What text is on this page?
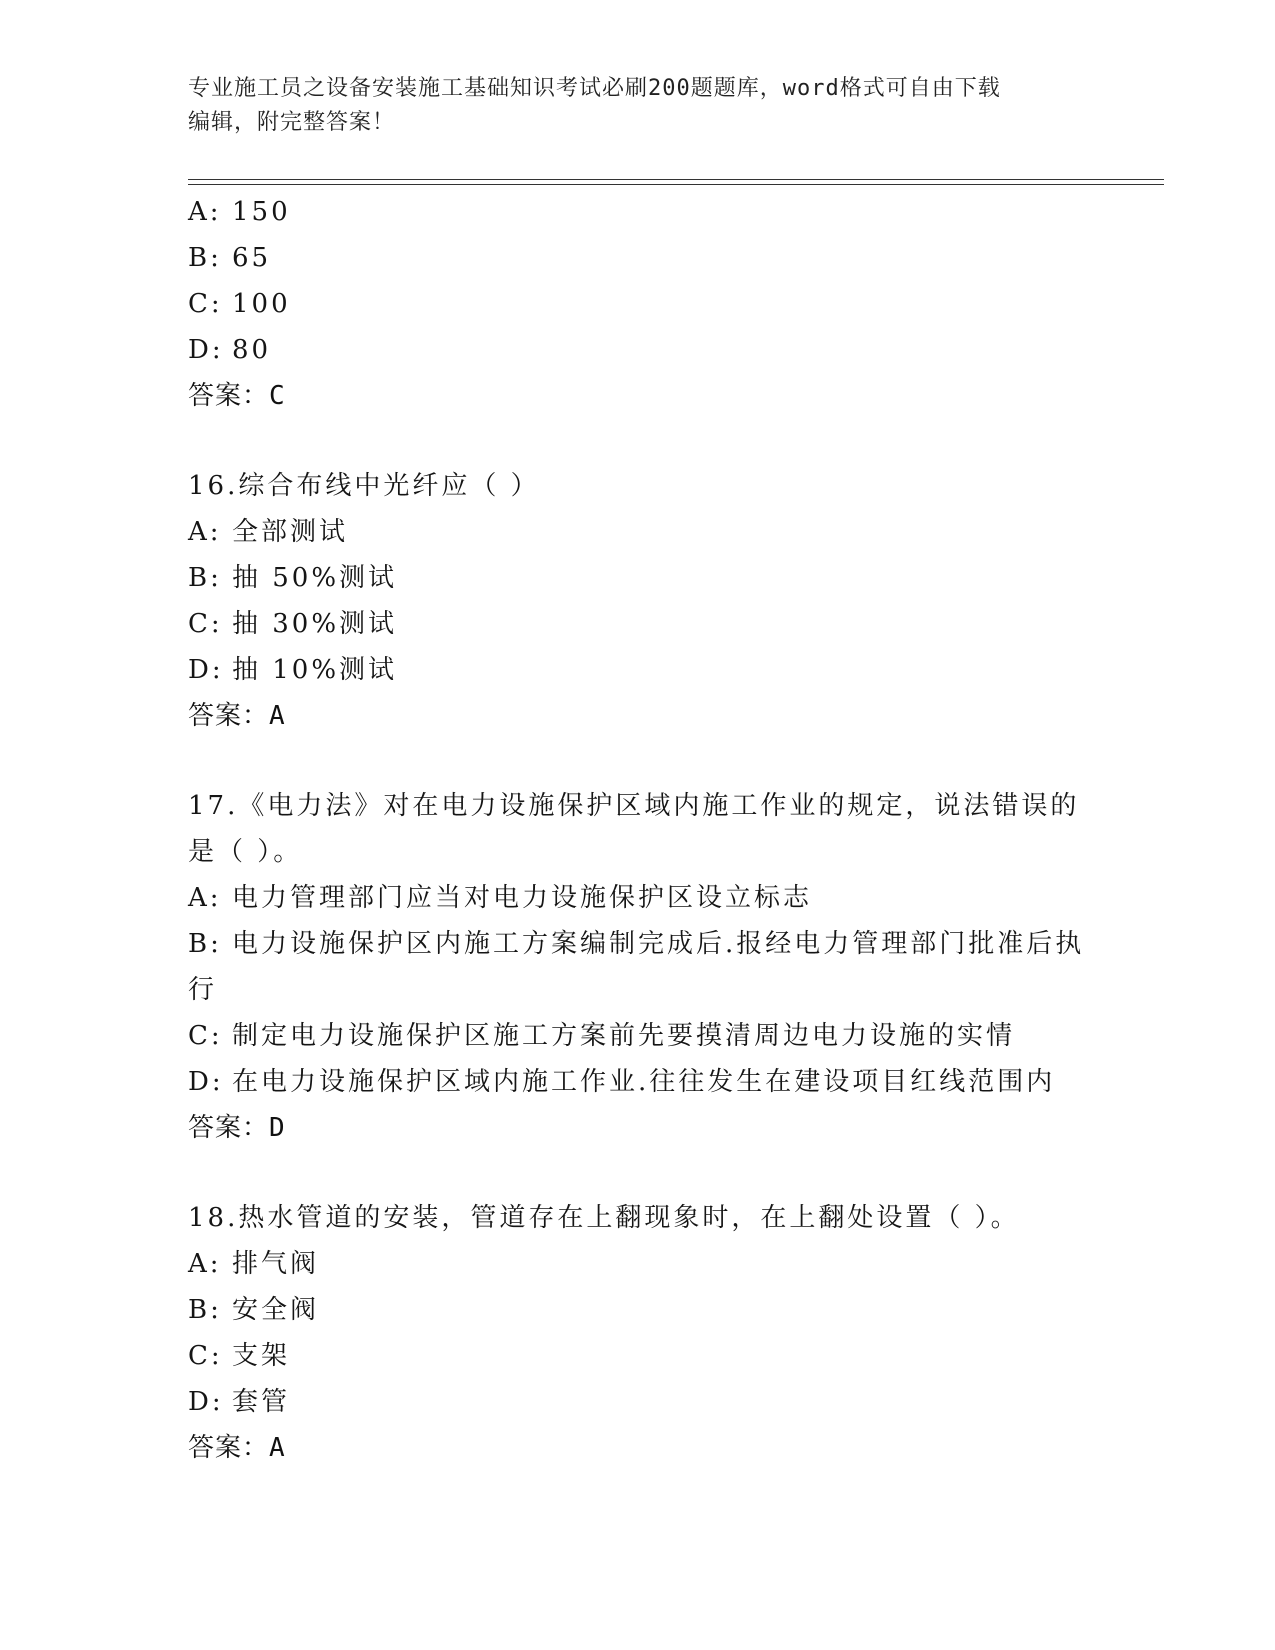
专业施工员之设备安装施工基础知识考试必刷200题题库，word格式可自由下载
编辑，附完整答案！
A: 150
B: 65
C: 100
D: 80
答案：C
16.综合布线中光纤应（ ）
A: 全部测试
B: 抽 50%测试
C: 抽 30%测试
D: 抽 10%测试
答案：A
17.《电力法》对在电力设施保护区域内施工作业的规定，说法错误的是（ ）。
A: 电力管理部门应当对电力设施保护区设立标志
B: 电力设施保护区内施工方案编制完成后.报经电力管理部门批准后执行
C: 制定电力设施保护区施工方案前先要摸清周边电力设施的实情
D: 在电力设施保护区域内施工作业.往往发生在建设项目红线范围内
答案：D
18.热水管道的安装，管道存在上翻现象时，在上翻处设置（ ）。
A: 排气阀
B: 安全阀
C: 支架
D: 套管
答案：A
